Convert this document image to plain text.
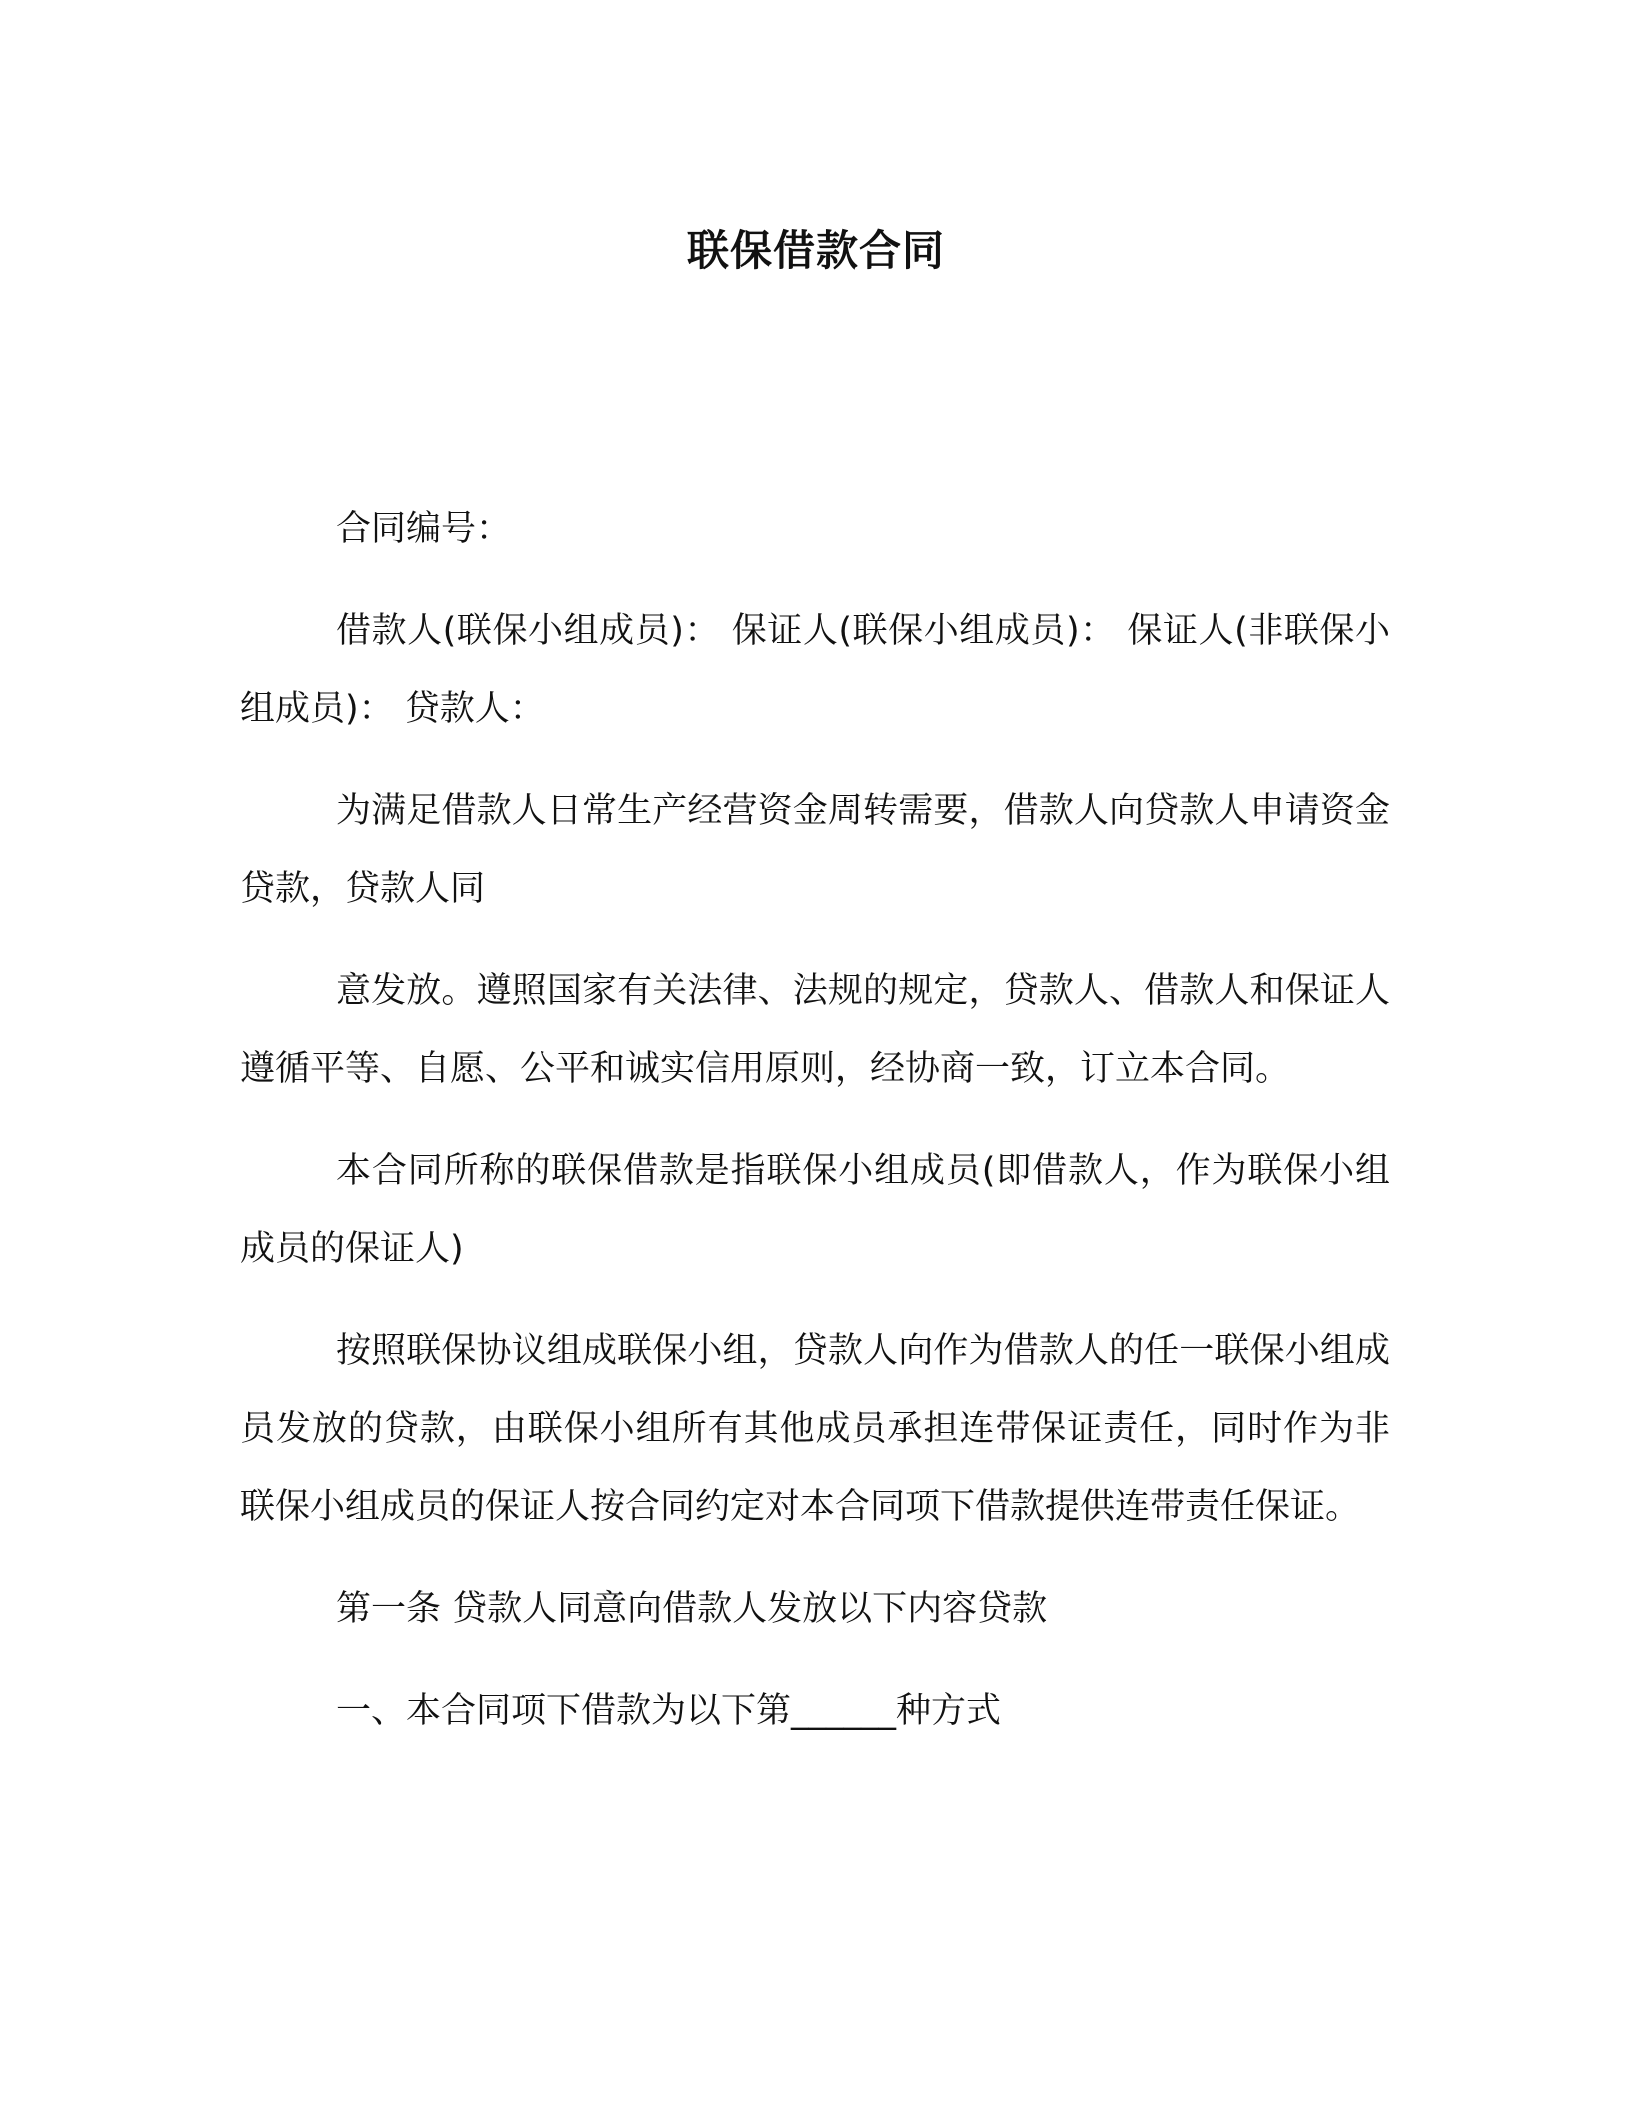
联保借款合同

合同编号：

借款人(联保小组成员)： 保证人(联保小组成员)： 保证人(非联保小组成员)： 贷款人：

为满足借款人日常生产经营资金周转需要，借款人向贷款人申请资金贷款，贷款人同

意发放。遵照国家有关法律、法规的规定，贷款人、借款人和保证人遵循平等、自愿、公平和诚实信用原则，经协商一致，订立本合同。

本合同所称的联保借款是指联保小组成员(即借款人，作为联保小组成员的保证人)

按照联保协议组成联保小组，贷款人向作为借款人的任一联保小组成员发放的贷款，由联保小组所有其他成员承担连带保证责任，同时作为非联保小组成员的保证人按合同约定对本合同项下借款提供连带责任保证。

第一条 贷款人同意向借款人发放以下内容贷款

一、本合同项下借款为以下第______种方式
